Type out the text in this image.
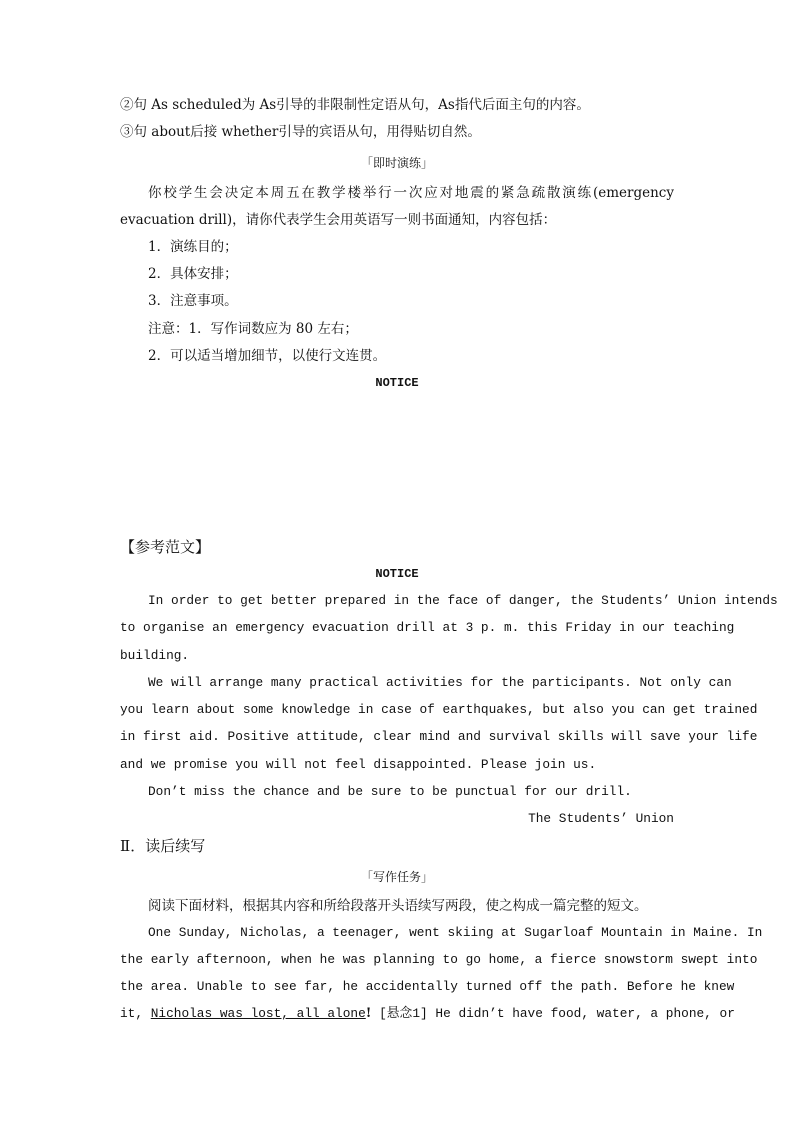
②句 As scheduled为 As引导的非限制性定语从句，As指代后面主句的内容。
③句 about后接 whether引导的宾语从句，用得贴切自然。
「即时演练」
你校学生会决定本周五在教学楼举行一次应对地震的紧急疏散演练(emergency
evacuation drill)，请你代表学生会用英语写一则书面通知，内容包括：
1．演练目的；
2．具体安排；
3．注意事项。
注意：1．写作词数应为 80 左右；
2．可以适当增加细节，以使行文连贯。
NOTICE
【参考范文】
NOTICE
In order to get better prepared in the face of danger, the Students’ Union intends
to organise an emergency evacuation drill at 3 p. m. this Friday in our teaching
building.
We will arrange many practical activities for the participants. Not only can
you learn about some knowledge in case of earthquakes, but also you can get trained
in first aid. Positive attitude, clear mind and survival skills will save your life
and we promise you will not feel disappointed. Please join us.
Don’t miss the chance and be sure to be punctual for our drill.
The Students’ Union
Ⅱ．读后续写
「写作任务」
阅读下面材料，根据其内容和所给段落开头语续写两段，使之构成一篇完整的短文。
One Sunday, Nicholas, a teenager, went skiing at Sugarloaf Mountain in Maine. In
the early afternoon, when he was planning to go home, a fierce snowstorm swept into
the area. Unable to see far, he accidentally turned off the path. Before he knew
it, Nicholas was lost, all alone! [悬念1] He didn’t have food, water, a phone, or
